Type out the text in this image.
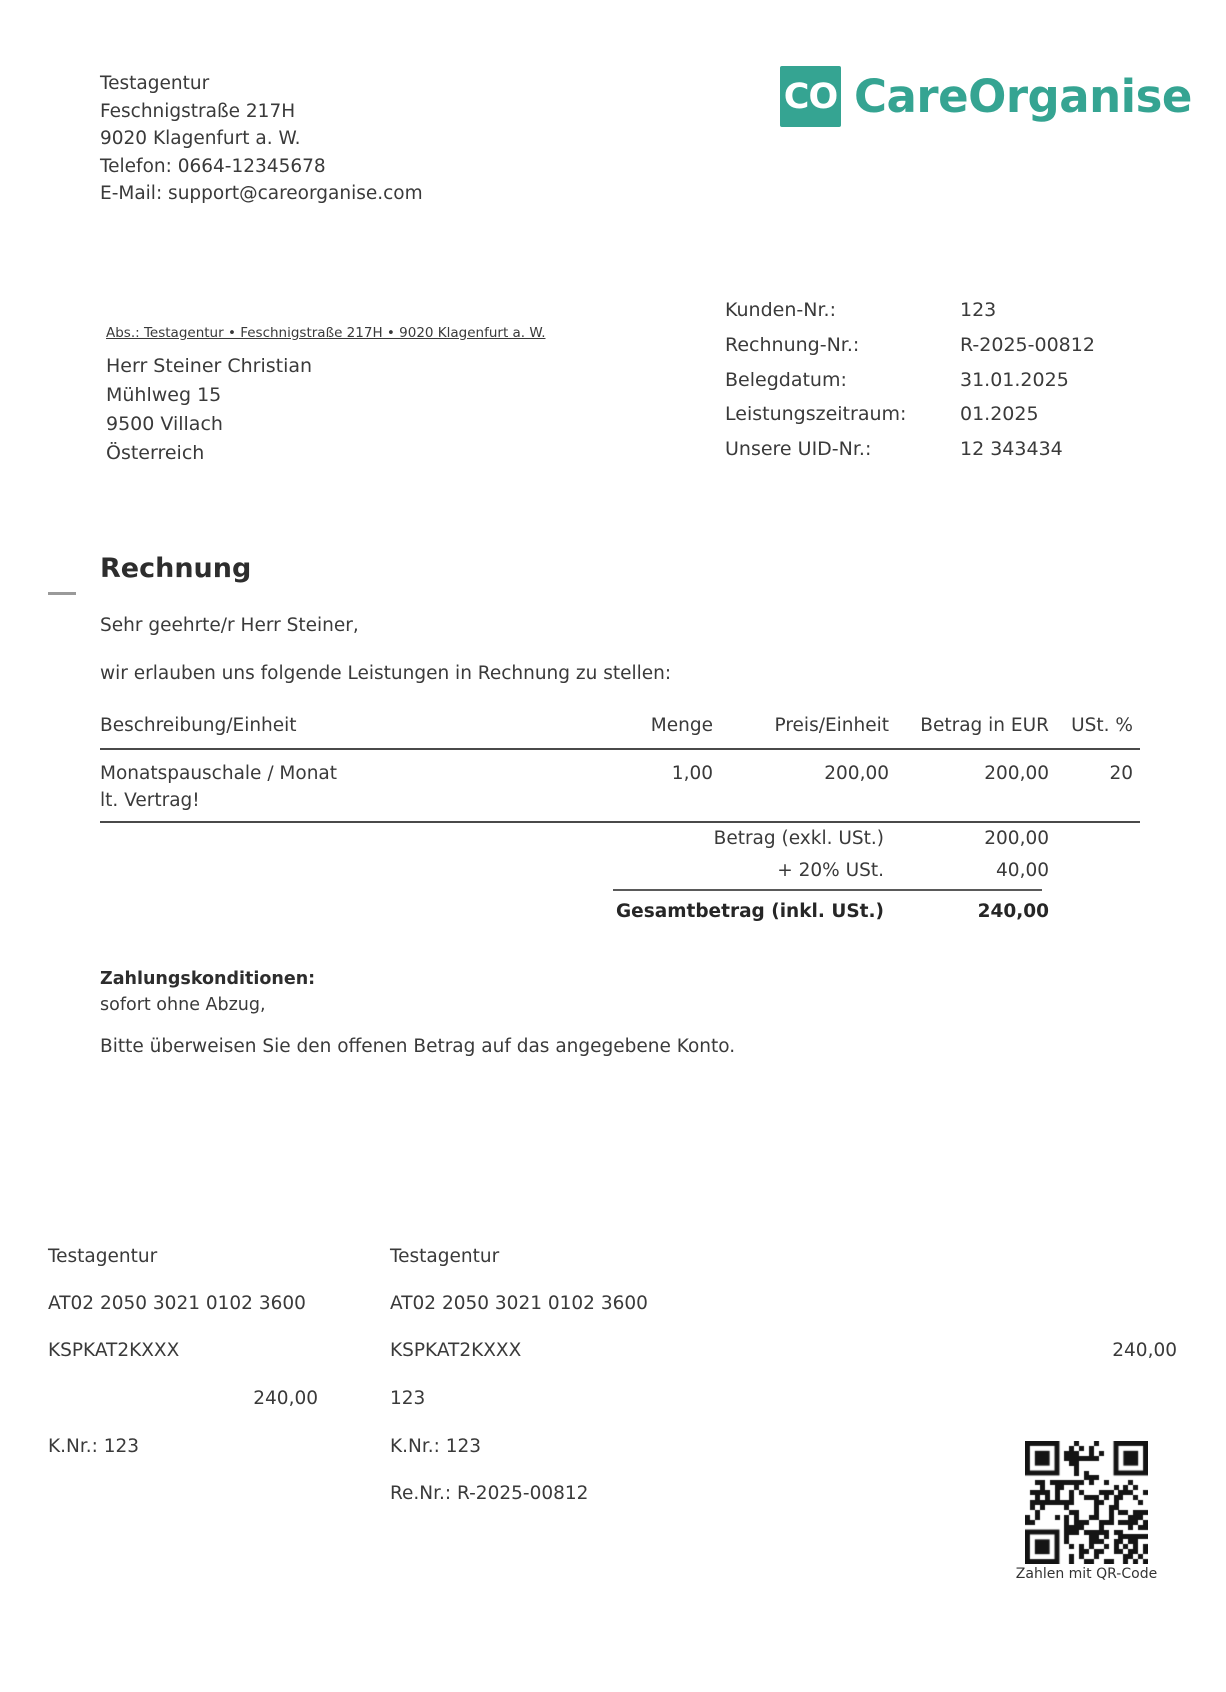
Testagentur
Feschnigstraße 217H
9020 Klagenfurt a. W.
Telefon: 0664-12345678
E-Mail: support@careorganise.com
CO CareOrganise
Abs.: Testagentur • Feschnigstraße 217H • 9020 Klagenfurt a. W.
Herr Steiner Christian
Mühlweg 15
9500 Villach
Österreich
Kunden-Nr.:	123
Rechnung-Nr.:	R-2025-00812
Belegdatum:	31.01.2025
Leistungszeitraum:	01.2025
Unsere UID-Nr.:	12 343434
Rechnung
Sehr geehrte/r Herr Steiner,
wir erlauben uns folgende Leistungen in Rechnung zu stellen:
Beschreibung/Einheit	Menge	Preis/Einheit	Betrag in EUR	USt. %
Monatspauschale / Monat
lt. Vertrag!
1,00	200,00	200,00	20
Betrag (exkl. USt.)	200,00
+ 20% USt.	40,00
Gesamtbetrag (inkl. USt.)	240,00
Zahlungskonditionen:
sofort ohne Abzug,
Bitte überweisen Sie den offenen Betrag auf das angegebene Konto.
Testagentur
AT02 2050 3021 0102 3600
KSPKAT2KXXX
240,00
K.Nr.: 123
Testagentur
AT02 2050 3021 0102 3600
KSPKAT2KXXX
123
K.Nr.: 123
Re.Nr.: R-2025-00812
240,00
Zahlen mit QR-Code
